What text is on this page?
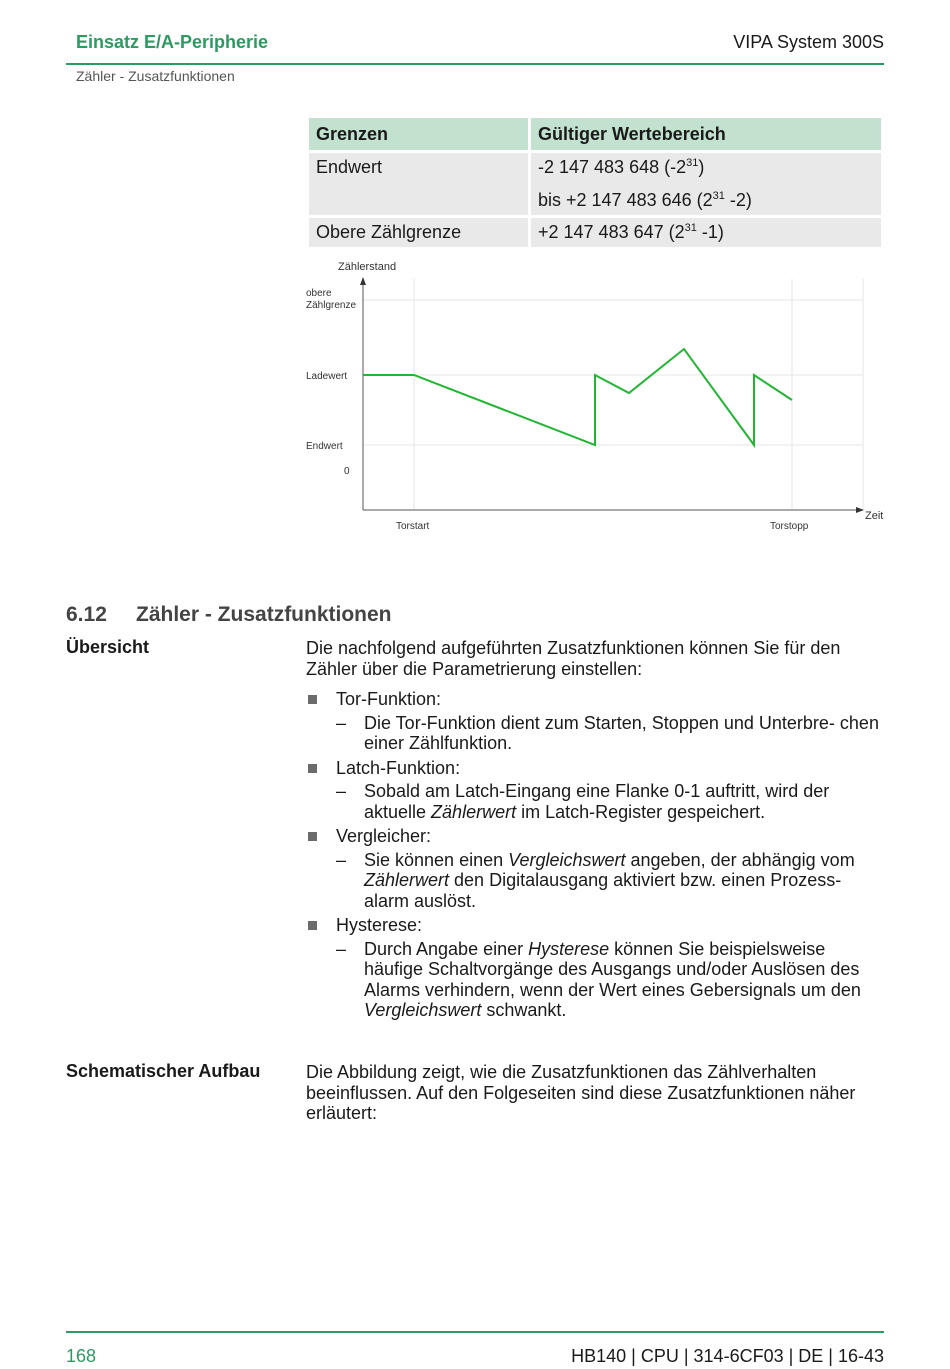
Einsatz E/A-Peripherie	VIPA System 300S
Zähler - Zusatzfunktionen
Grenzen	Gültiger Wertebereich
Endwert	-2 147 483 648 $(-2^{31})$
bis +2 147 483 646 ($2^{31}$ -2)

Obere Zählgrenze	+2 147 483 647 ($2^{31}$ -1)
Zählerstand
Zeit
obere Zählgrenze
Ladewert
Endwert
0
Torstart	Torstopp
6.12 Zähler - Zusatzfunktionen
Übersicht	Die nachfolgend aufgeführten Zusatzfunktionen können Sie für den Zähler über die Parametrierung einstellen:
Tor-Funktion:
– Die Tor-Funktion dient zum Starten, Stoppen und Unterbre- chen einer Zählfunktion.
Latch-Funktion:
– Sobald am Latch-Eingang eine Flanke 0-1 auftritt, wird der aktuelle Zählerwert im Latch-Register gespeichert.
Vergleicher:
– Sie können einen Vergleichswert angeben, der abhängig vom Zählerwert den Digitalausgang aktiviert bzw. einen Prozess- alarm auslöst.
Hysterese:
– Durch Angabe einer Hysterese können Sie beispielsweise häufige Schaltvorgänge des Ausgangs und/oder Auslösen des Alarms verhindern, wenn der Wert eines Gebersignals um den Vergleichswert schwankt.
Schematischer Aufbau	Die Abbildung zeigt, wie die Zusatzfunktionen das Zählverhalten beeinflussen. Auf den Folgeseiten sind diese Zusatzfunktionen näher erläutert:
168	HB140 | CPU | 314-6CF03 | DE | 16-43
